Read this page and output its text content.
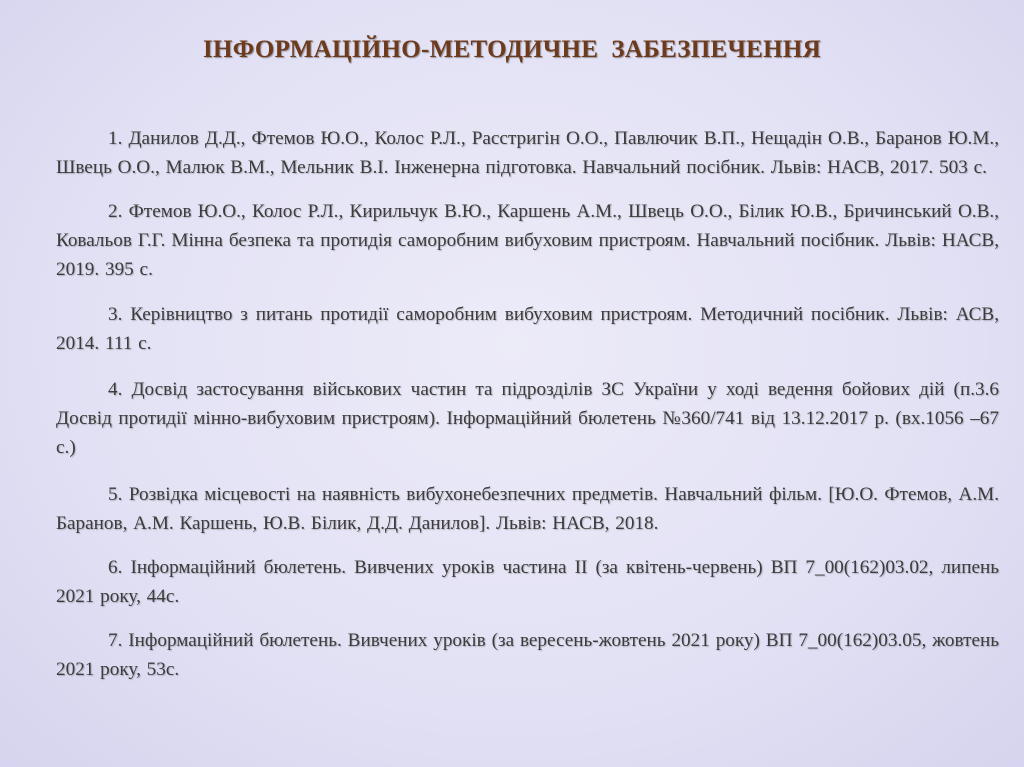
ІНФОРМАЦІЙНО-МЕТОДИЧНЕ  ЗАБЕЗПЕЧЕННЯ
1. Данилов Д.Д., Фтемов Ю.О., Колос Р.Л., Расстригін О.О., Павлючик В.П., Нещадін О.В., Баранов Ю.М., Швець О.О., Малюк В.М., Мельник В.І. Інженерна підготовка. Навчальний посібник. Львів: НАСВ, 2017. 503 с.
2. Фтемов Ю.О., Колос Р.Л., Кирильчук В.Ю., Каршень А.М., Швець О.О., Білик Ю.В., Бричинський О.В., Ковальов Г.Г. Мінна безпека та протидія саморобним вибуховим пристроям. Навчальний посібник. Львів: НАСВ, 2019. 395 с.
3. Керівництво з питань протидії саморобним вибуховим пристроям. Методичний посібник. Львів: АСВ, 2014. 111 с.
4. Досвід застосування військових частин та підрозділів ЗС України у ході ведення бойових дій (п.3.6 Досвід протидії мінно-вибуховим пристроям). Інформаційний бюлетень №360/741 від 13.12.2017 р. (вх.1056 –67 с.)
5. Розвідка місцевості на наявність вибухонебезпечних предметів. Навчальний фільм. [Ю.О. Фтемов, А.М. Баранов, А.М. Каршень, Ю.В. Білик, Д.Д. Данилов]. Львів: НАСВ, 2018.
6. Інформаційний бюлетень. Вивчених уроків частина ІІ (за квітень-червень) ВП 7_00(162)03.02, липень 2021 року, 44с.
7. Інформаційний бюлетень. Вивчених уроків (за вересень-жовтень 2021 року) ВП 7_00(162)03.05, жовтень 2021 року, 53с.
